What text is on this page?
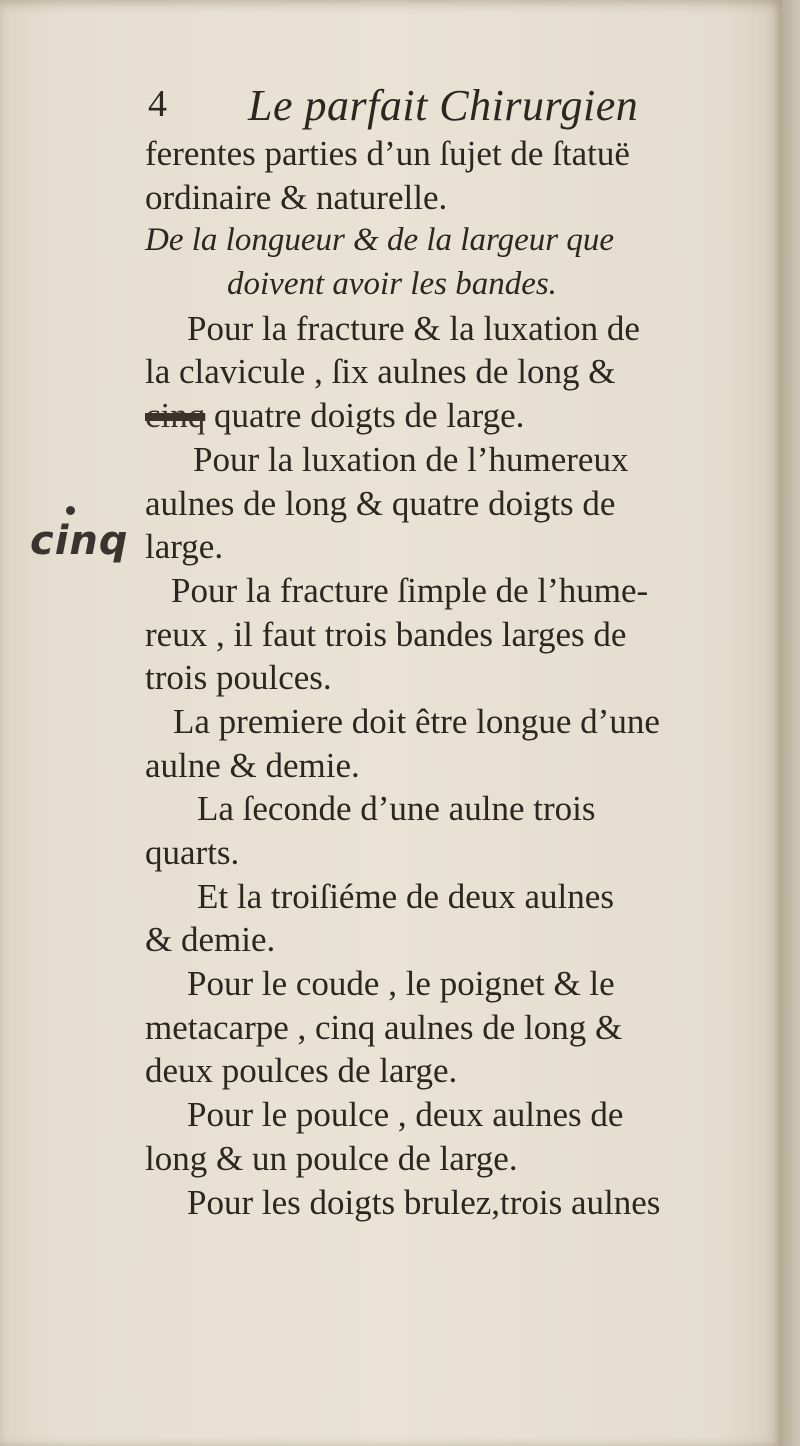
4 Le parfait Chirurgien
cinq
ferentes parties d’un ſujet de ſtatuë
ordinaire & naturelle.
De la longueur & de la largeur que
doivent avoir les bandes.
Pour la fracture & la luxation de
la clavicule , ſix aulnes de long &
cinq quatre doigts de large.
Pour la luxation de l’humereux
aulnes de long & quatre doigts de
large.
Pour la fracture ſimple de l’hume-
reux , il faut trois bandes larges de
trois poulces.
La premiere doit être longue d’une
aulne & demie.
La ſeconde d’une aulne trois
quarts.
Et la troiſiéme de deux aulnes
& demie.
Pour le coude , le poignet & le
metacarpe , cinq aulnes de long &
deux poulces de large.
Pour le poulce , deux aulnes de
long & un poulce de large.
Pour les doigts brulez,trois aulnes
